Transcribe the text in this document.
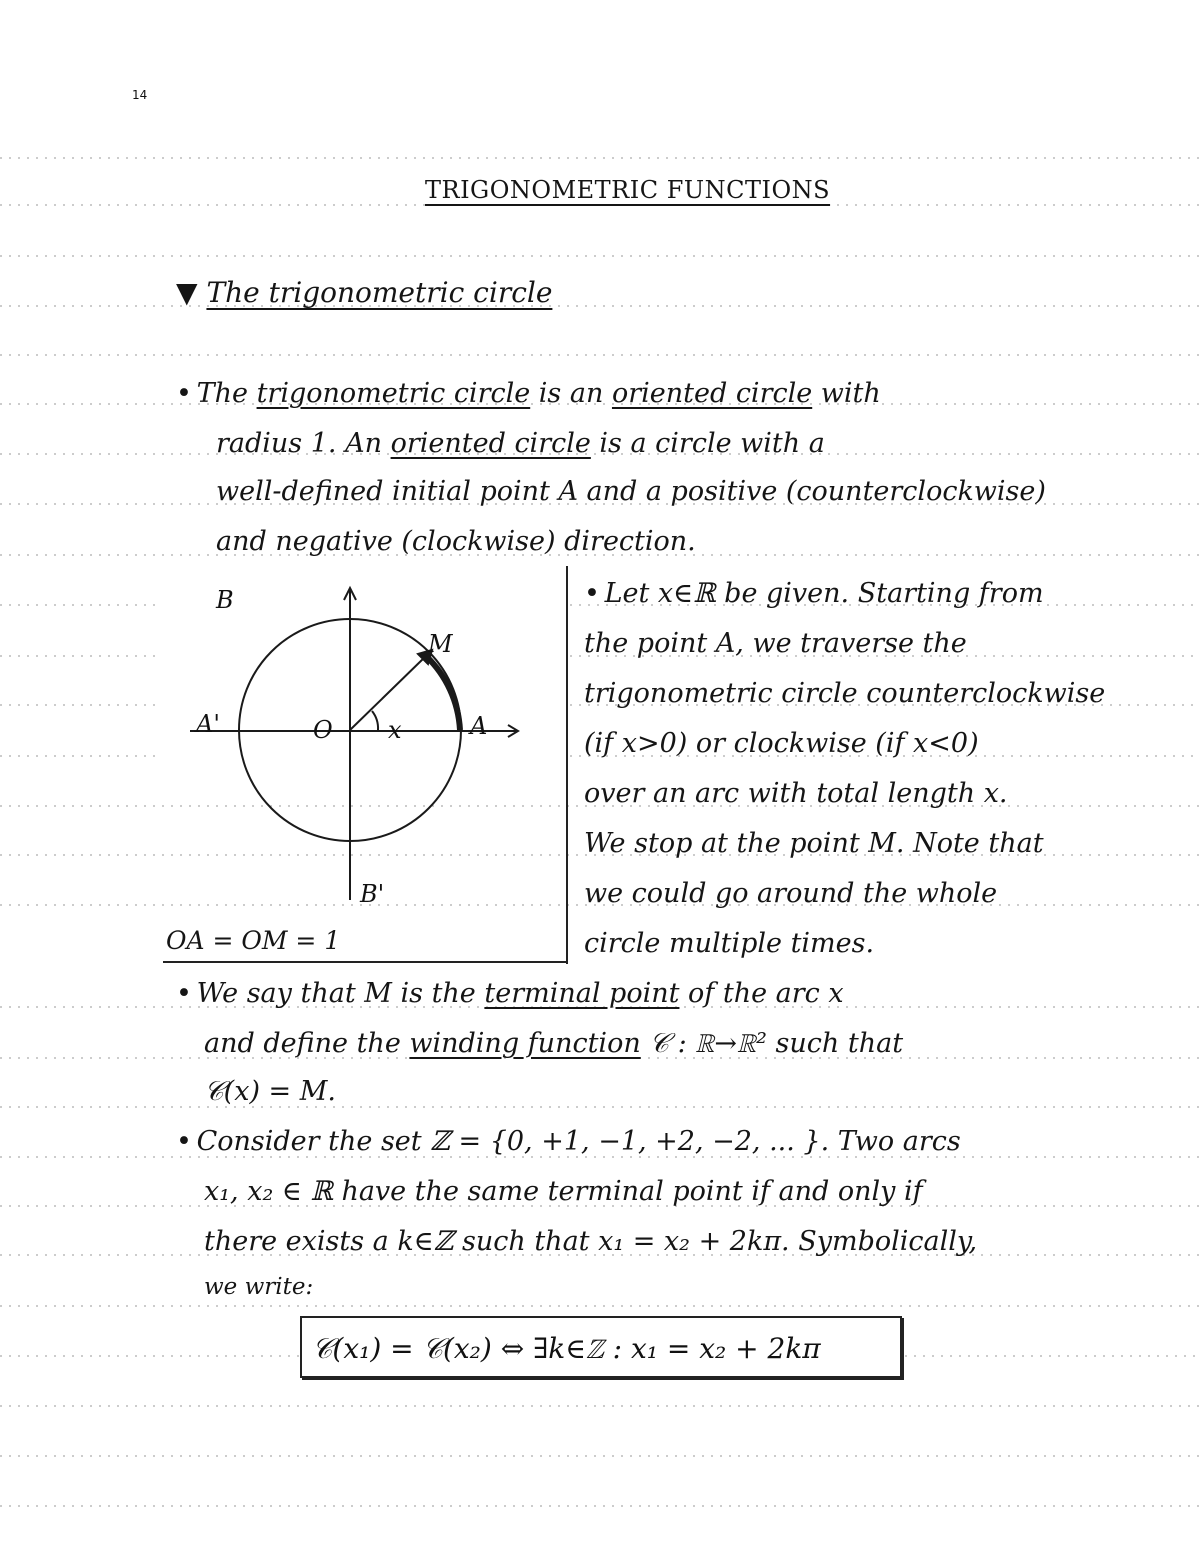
14
TRIGONOMETRIC FUNCTIONS
▼ The trigonometric circle
• The trigonometric circle is an oriented circle with
radius 1. An oriented circle is a circle with a
well-defined initial point A and a positive (counterclockwise)
and negative (clockwise) direction.
B
M
A'	O x	A
B'
OA = OM = 1
• Let x∈ℝ be given. Starting from
the point A, we traverse the
trigonometric circle counterclockwise
(if x>0) or clockwise (if x<0)
over an arc with total length x.
We stop at the point M. Note that
we could go around the whole
circle multiple times.
• We say that M is the terminal point of the arc x
and define the winding function 𝒞 : ℝ→ℝ² such that
𝒞(x) = M.
• Consider the set ℤ = {0, +1, −1, +2, −2, ... }. Two arcs
x₁, x₂ ∈ ℝ have the same terminal point if and only if
there exists a k∈ℤ such that x₁ = x₂ + 2kπ. Symbolically,
we write:
𝒞(x₁) = 𝒞(x₂) ⇔ ∃k∈ℤ : x₁ = x₂ + 2kπ
